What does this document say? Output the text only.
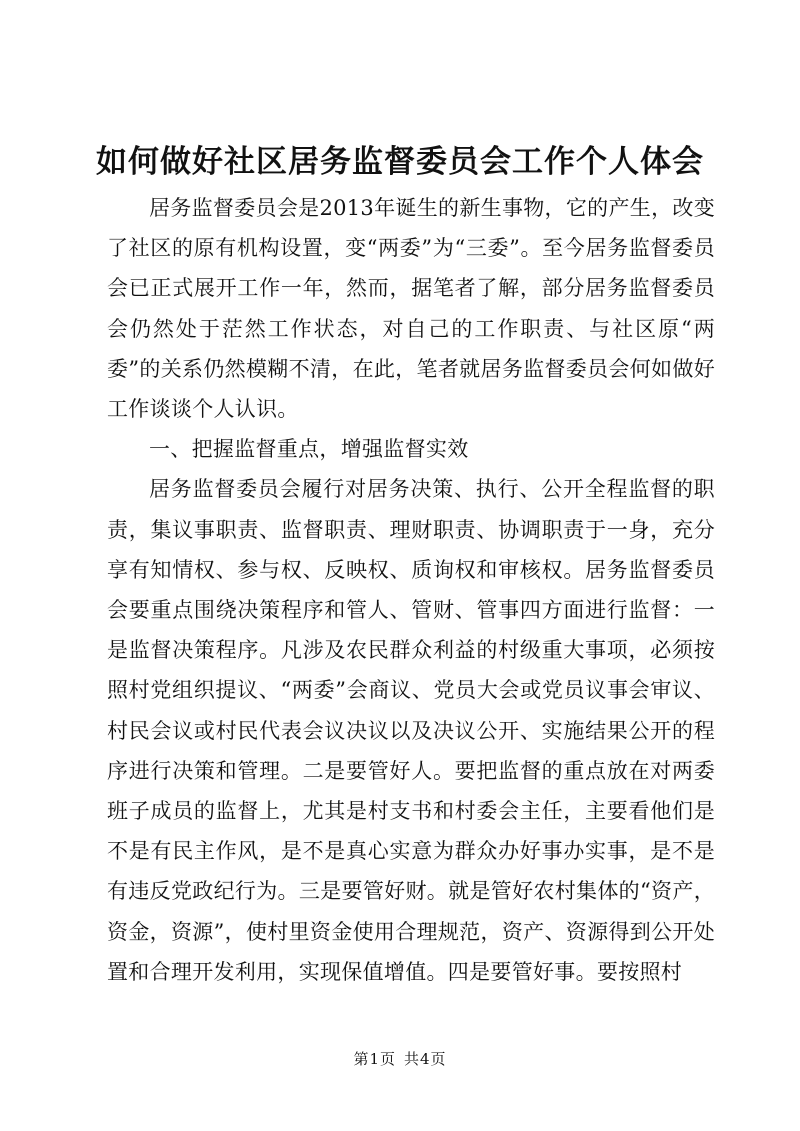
如何做好社区居务监督委员会工作个人体会

居务监督委员会是2013年诞生的新生事物，它的产生，改变了社区的原有机构设置，变“两委”为“三委”。至今居务监督委员会已正式展开工作一年，然而，据笔者了解，部分居务监督委员会仍然处于茫然工作状态，对自己的工作职责、与社区原“两委”的关系仍然模糊不清，在此，笔者就居务监督委员会何如做好工作谈谈个人认识。

一、把握监督重点，增强监督实效

居务监督委员会履行对居务决策、执行、公开全程监督的职责，集议事职责、监督职责、理财职责、协调职责于一身，充分享有知情权、参与权、反映权、质询权和审核权。居务监督委员会要重点围绕决策程序和管人、管财、管事四方面进行监督：一是监督决策程序。凡涉及农民群众利益的村级重大事项，必须按照村党组织提议、“两委”会商议、党员大会或党员议事会审议、村民会议或村民代表会议决议以及决议公开、实施结果公开的程序进行决策和管理。二是要管好人。要把监督的重点放在对两委班子成员的监督上，尤其是村支书和村委会主任，主要看他们是不是有民主作风，是不是真心实意为群众办好事办实事，是不是有违反党政纪行为。三是要管好财。就是管好农村集体的“资产，资金，资源”，使村里资金使用合理规范，资产、资源得到公开处置和合理开发利用，实现保值增值。四是要管好事。要按照村

第1页 共4页
